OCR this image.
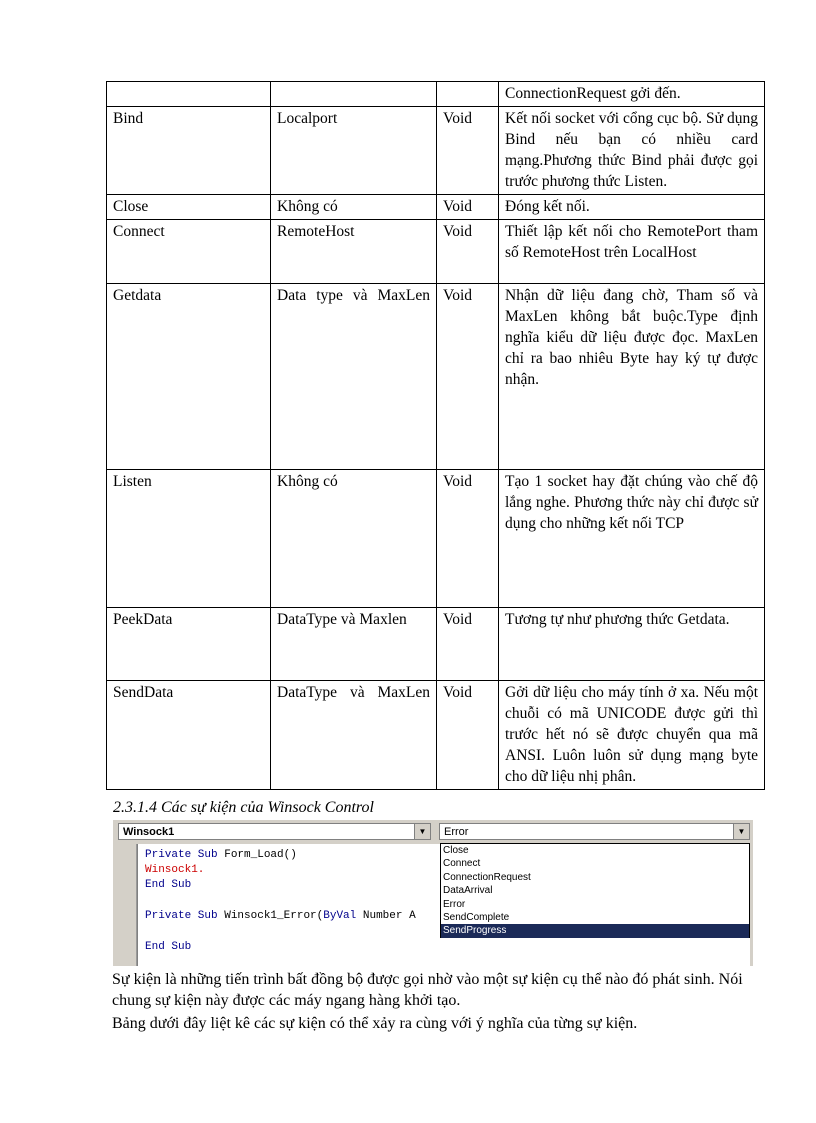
			ConnectionRequest gởi đến.
Bind	Localport	Void	Kết nối socket với cổng cục bộ. Sử dụng Bind nếu bạn có nhiều card mạng.Phương thức Bind phải được gọi trước phương thức Listen.
Close	Không có	Void	Đóng kết nối.
Connect	RemoteHost	Void	Thiết lập kết nối cho RemotePort tham số RemoteHost trên LocalHost
Getdata	Data type và MaxLen	Void	Nhận dữ liệu đang chờ, Tham số và MaxLen không bắt buộc.Type định nghĩa kiểu dữ liệu được đọc. MaxLen chỉ ra bao nhiêu Byte hay ký tự được nhận.
Listen	Không có	Void	Tạo 1 socket hay đặt chúng vào chế độ lắng nghe. Phương thức này chỉ được sử dụng cho những kết nối TCP
PeekData	DataType và Maxlen	Void	Tương tự như phương thức Getdata.
SendData	DataType và MaxLen	Void	Gởi dữ liệu cho máy tính ở xa. Nếu một chuỗi có mã UNICODE được gửi thì trước hết nó sẽ được chuyển qua mã ANSI. Luôn luôn sử dụng mạng byte cho dữ liệu nhị phân.
2.3.1.4 Các sự kiện của Winsock Control
Winsock1	▼	Error	▼
Private Sub Form_Load()
Winsock1.
End Sub
Private Sub Winsock1_Error(ByVal Number A
End Sub
Close
Connect
ConnectionRequest
DataArrival
Error
SendComplete
SendProgress

Sự kiện là những tiến trình bất đồng bộ được gọi nhờ vào một sự kiện cụ thể nào đó phát sinh. Nói chung sự kiện này được các máy ngang hàng khởi tạo.

Bảng dưới đây liệt kê các sự kiện có thể xảy ra cùng với ý nghĩa của từng sự kiện.
